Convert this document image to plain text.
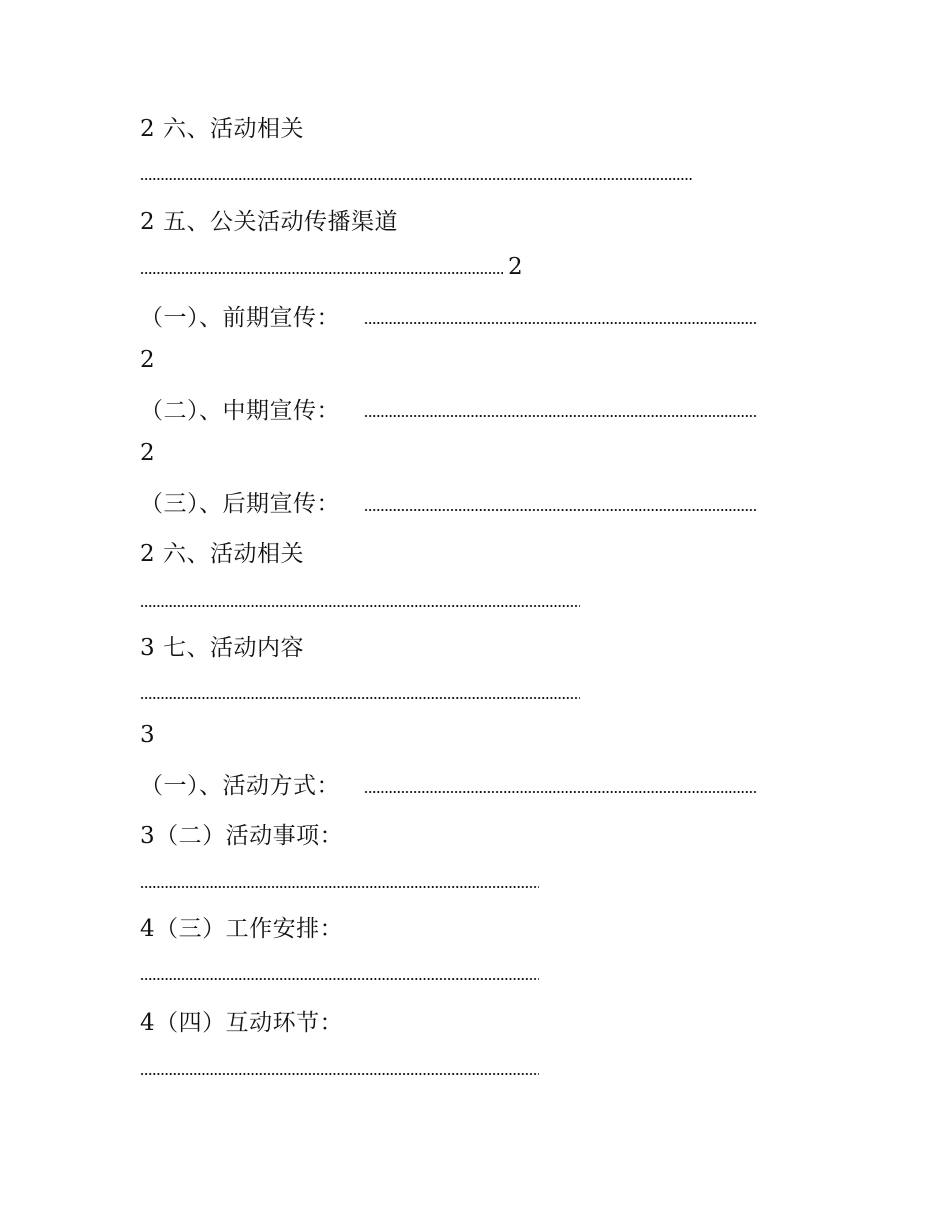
2 六、活动相关

2 五、公关活动传播渠道

2

（一）、前期宣传：

2

（二）、中期宣传：

2

（三）、后期宣传：

2 六、活动相关

3 七、活动内容

3

（一）、活动方式：

3（二）活动事项：

4（三）工作安排：

4（四）互动环节：
